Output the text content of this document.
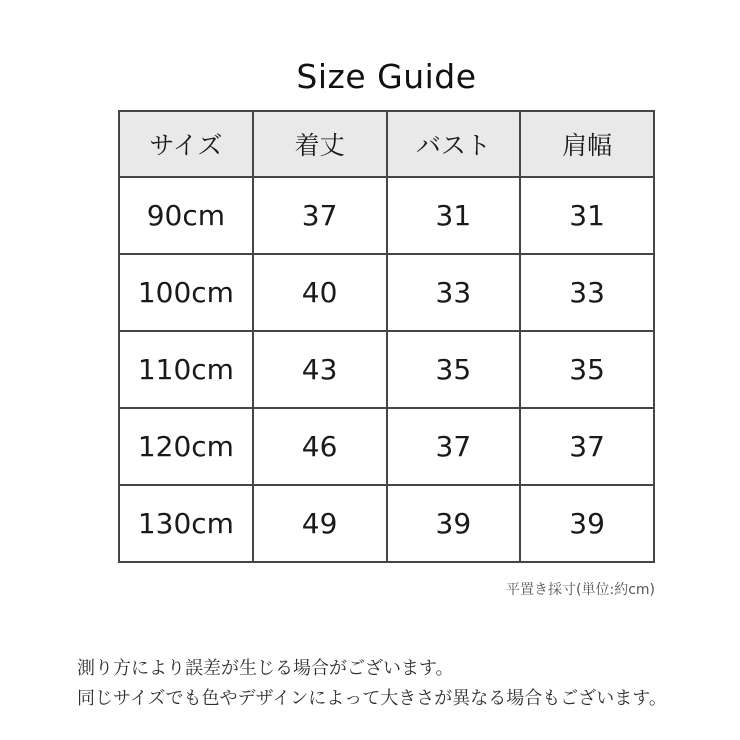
Size Guide
サイズ	着丈	バスト	肩幅
90cm	37	31	31
100cm	40	33	33
110cm	43	35	35
120cm	46	37	37
130cm	49	39	39
平置き採寸(単位:約cm)

測り方により誤差が生じる場合がございます。

同じサイズでも色やデザインによって大きさが異なる場合もございます。
